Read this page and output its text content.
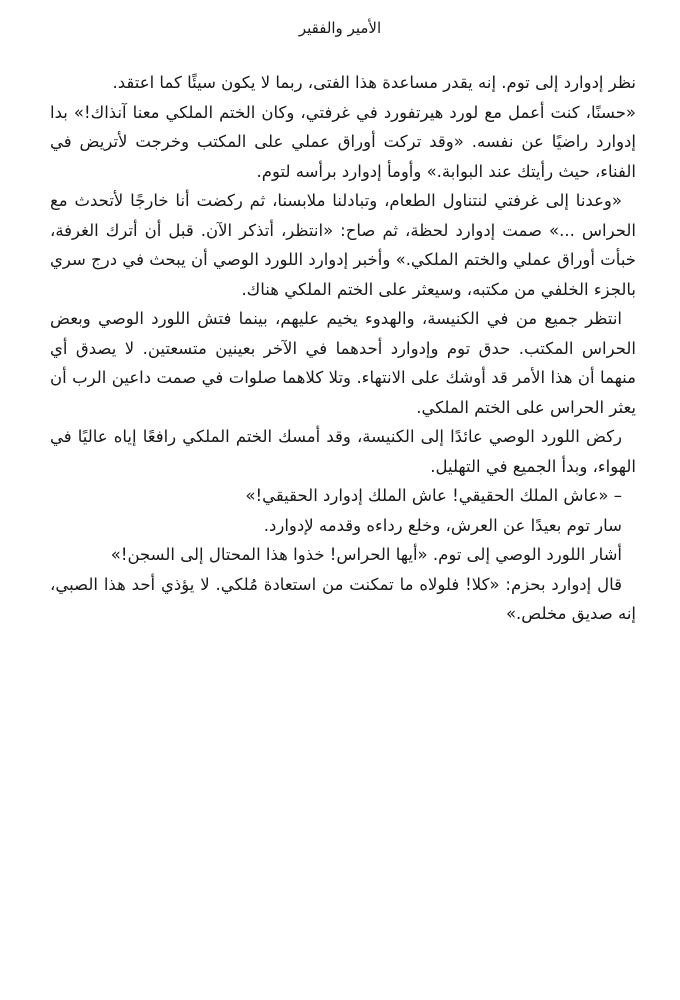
الأمير والفقير

نظر إدوارد إلى توم. إنه يقدر مساعدة هذا الفتى، ربما لا يكون سيئًا كما اعتقد.

«حسنًا، كنت أعمل مع لورد هيرتفورد في غرفتي، وكان الختم الملكي معنا آنذاك!» بدا إدوارد راضيًا عن نفسه. «وقد تركت أوراق عملي على المكتب وخرجت لأتريض في الفناء، حيث رأيتك عند البوابة.» وأومأ إدوارد برأسه لتوم.

«وعدنا إلى غرفتي لنتناول الطعام، وتبادلنا ملابسنا، ثم ركضت أنا خارجًا لأتحدث مع الحراس ...» صمت إدوارد لحظة، ثم صاح: «انتظر، أتذكر الآن. قبل أن أترك الغرفة، خبأت أوراق عملي والختم الملكي.» وأخبر إدوارد اللورد الوصي أن يبحث في درج سري بالجزء الخلفي من مكتبه، وسيعثر على الختم الملكي هناك.

انتظر جميع من في الكنيسة، والهدوء يخيم عليهم، بينما فتش اللورد الوصي وبعض الحراس المكتب. حدق توم وإدوارد أحدهما في الآخر بعينين متسعتين. لا يصدق أي منهما أن هذا الأمر قد أوشك على الانتهاء. وتلا كلاهما صلوات في صمت داعين الرب أن يعثر الحراس على الختم الملكي.

ركض اللورد الوصي عائدًا إلى الكنيسة، وقد أمسك الختم الملكي رافعًا إياه عاليًا في الهواء، وبدأ الجميع في التهليل.

– «عاش الملك الحقيقي! عاش الملك إدوارد الحقيقي!»

سار توم بعيدًا عن العرش، وخلع رداءه وقدمه لإدوارد.

أشار اللورد الوصي إلى توم. «أيها الحراس! خذوا هذا المحتال إلى السجن!»

قال إدوارد بحزم: «كلا! فلولاه ما تمكنت من استعادة مُلكي. لا يؤذي أحد هذا الصبي، إنه صديق مخلص.»
